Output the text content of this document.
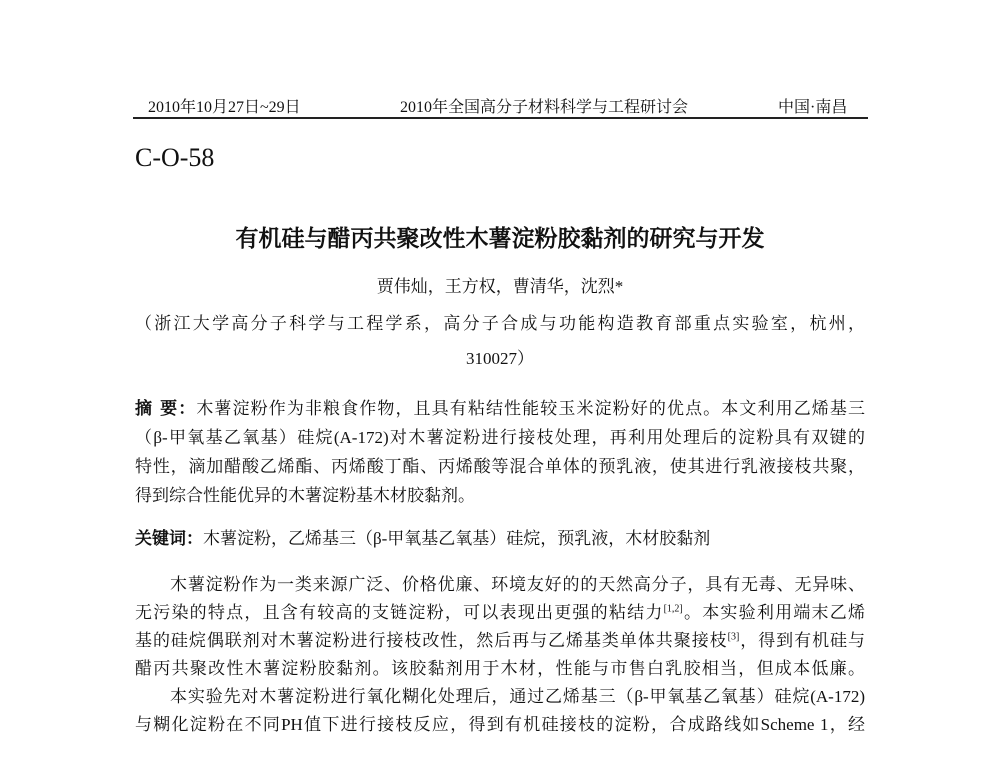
2010年10月27日~29日	2010年全国高分子材料科学与工程研讨会	中国·南昌
C-O-58
有机硅与醋丙共聚改性木薯淀粉胶黏剂的研究与开发
贾伟灿，王方权，曹清华，沈烈*
（浙江大学高分子科学与工程学系，高分子合成与功能构造教育部重点实验室，杭州，
310027）
摘 要：木薯淀粉作为非粮食作物，且具有粘结性能较玉米淀粉好的优点。本文利用乙烯基三
（β-甲氧基乙氧基）硅烷(A-172)对木薯淀粉进行接枝处理，再利用处理后的淀粉具有双键的
特性，滴加醋酸乙烯酯、丙烯酸丁酯、丙烯酸等混合单体的预乳液，使其进行乳液接枝共聚，
得到综合性能优异的木薯淀粉基木材胶黏剂。
关键词：木薯淀粉，乙烯基三（β-甲氧基乙氧基）硅烷，预乳液，木材胶黏剂
木薯淀粉作为一类来源广泛、价格优廉、环境友好的的天然高分子，具有无毒、无异味、
无污染的特点，且含有较高的支链淀粉，可以表现出更强的粘结力[1,2]。本实验利用端末乙烯
基的硅烷偶联剂对木薯淀粉进行接枝改性，然后再与乙烯基类单体共聚接枝[3]，得到有机硅与
醋丙共聚改性木薯淀粉胶黏剂。该胶黏剂用于木材，性能与市售白乳胶相当，但成本低廉。
本实验先对木薯淀粉进行氧化糊化处理后，通过乙烯基三（β-甲氧基乙氧基）硅烷(A-172)
与糊化淀粉在不同PH值下进行接枝反应，得到有机硅接枝的淀粉，合成路线如Scheme 1，经
